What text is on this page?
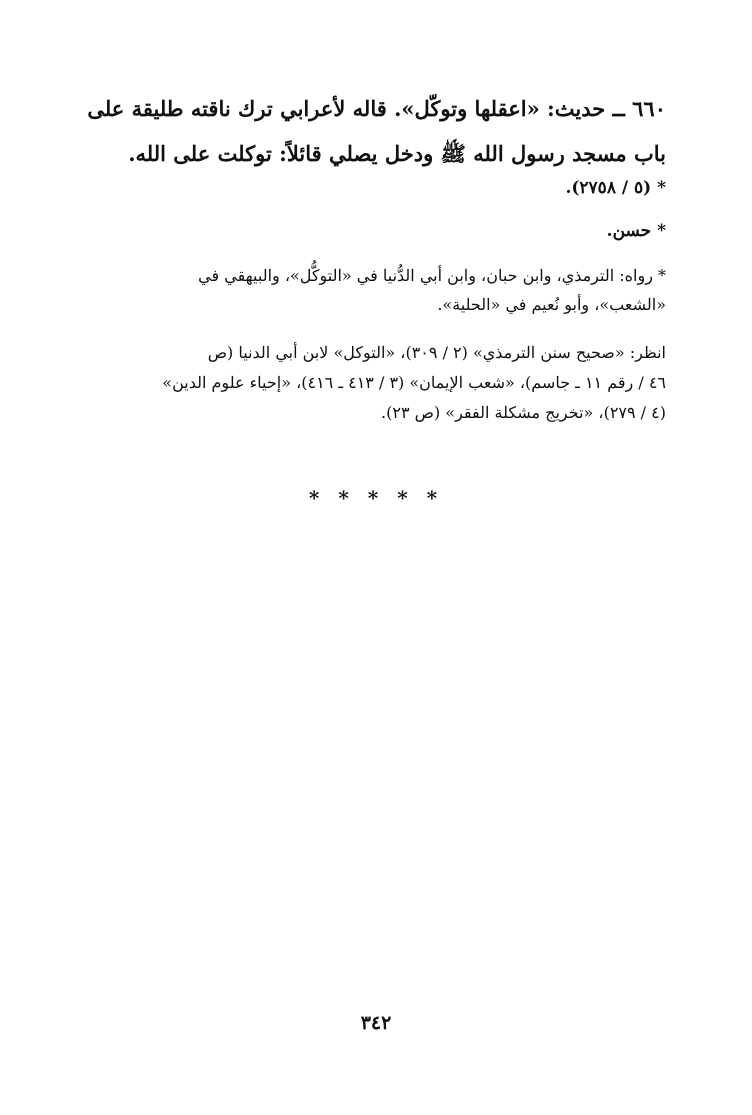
٦٦٠ ــ حديث: «اعقلها وتوكّل». قاله لأعرابي ترك ناقته طليقة على
باب مسجد رسول الله ﷺ ودخل يصلي قائلاً: توكلت على الله.
* (٥ / ٢٧٥٨).
* حسن.
* رواه: الترمذي، وابن حبان، وابن أبي الدُّنيا في «التوكُّل»، والبيهقي في
«الشعب»، وأبو نُعيم في «الحلية».
انظر: «صحيح سنن الترمذي» (٢ / ٣٠٩)، «التوكل» لابن أبي الدنيا (ص
٤٦ / رقم ١١ ـ جاسم)، «شعب الإيمان» (٣ / ٤١٣ ـ ٤١٦)، «إحياء علوم الدين»
(٤ / ٢٧٩)، «تخريج مشكلة الفقر» (ص ٢٣).
* * * * *
٣٤٢
